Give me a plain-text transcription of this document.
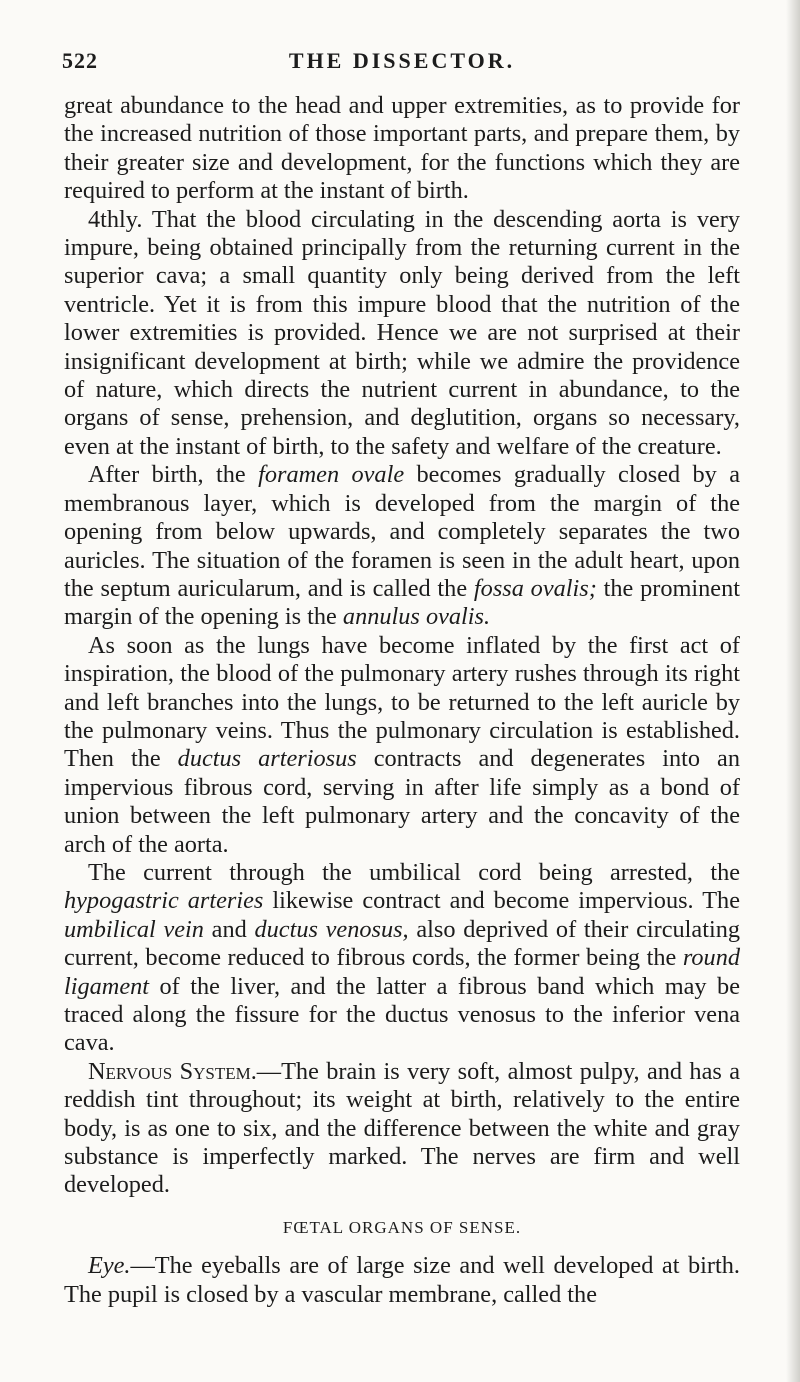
522	THE DISSECTOR.

great abundance to the head and upper extremities, as to provide for the increased nutrition of those important parts, and prepare them, by their greater size and development, for the functions which they are required to perform at the instant of birth.

4thly. That the blood circulating in the descending aorta is very impure, being obtained principally from the returning current in the superior cava; a small quantity only being derived from the left ventricle. Yet it is from this impure blood that the nutrition of the lower extremities is provided. Hence we are not surprised at their insignificant development at birth; while we admire the providence of nature, which directs the nutrient current in abundance, to the organs of sense, prehension, and deglutition, organs so necessary, even at the instant of birth, to the safety and welfare of the creature.

After birth, the foramen ovale becomes gradually closed by a membranous layer, which is developed from the margin of the opening from below upwards, and completely separates the two auricles. The situation of the foramen is seen in the adult heart, upon the septum auricularum, and is called the fossa ovalis; the prominent margin of the opening is the annulus ovalis.

As soon as the lungs have become inflated by the first act of inspiration, the blood of the pulmonary artery rushes through its right and left branches into the lungs, to be returned to the left auricle by the pulmonary veins. Thus the pulmonary circulation is established. Then the ductus arteriosus contracts and degenerates into an impervious fibrous cord, serving in after life simply as a bond of union between the left pulmonary artery and the concavity of the arch of the aorta.

The current through the umbilical cord being arrested, the hypogastric arteries likewise contract and become impervious. The umbilical vein and ductus venosus, also deprived of their circulating current, become reduced to fibrous cords, the former being the round ligament of the liver, and the latter a fibrous band which may be traced along the fissure for the ductus venosus to the inferior vena cava.

Nervous System.—The brain is very soft, almost pulpy, and has a reddish tint throughout; its weight at birth, relatively to the entire body, is as one to six, and the difference between the white and gray substance is imperfectly marked. The nerves are firm and well developed.

FŒTAL ORGANS OF SENSE.

Eye.—The eyeballs are of large size and well developed at birth. The pupil is closed by a vascular membrane, called the
